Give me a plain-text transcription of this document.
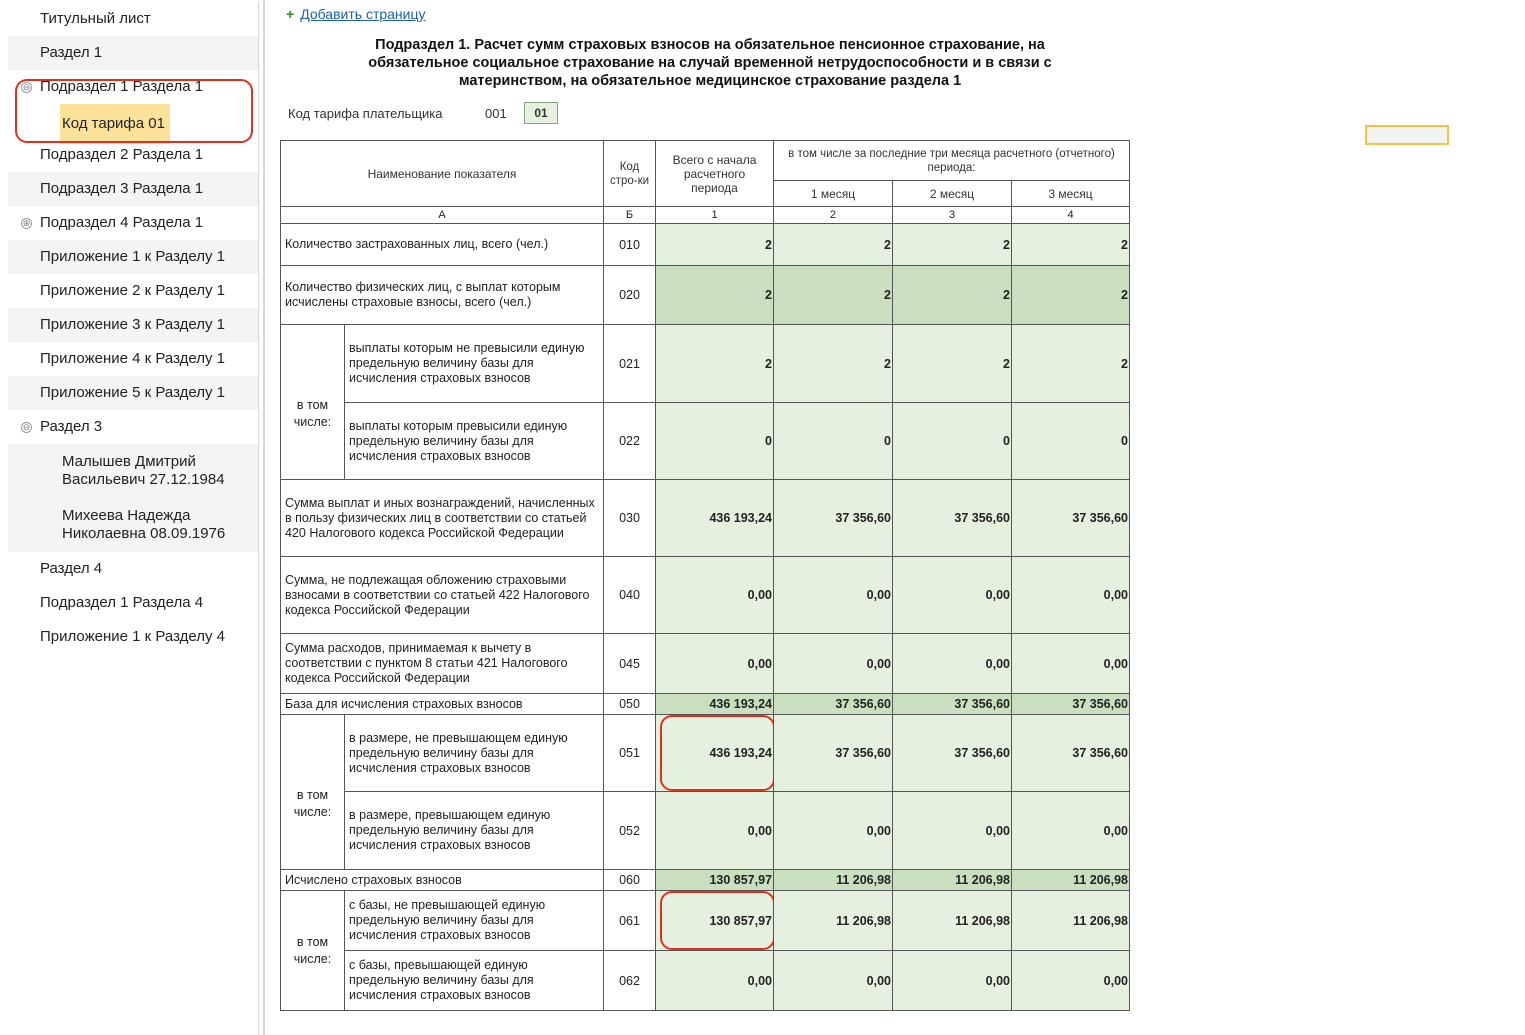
Титульный лист
Раздел 1
⊖ Подраздел 1 Раздела 1
Код тарифа 01
Подраздел 2 Раздела 1
Подраздел 3 Раздела 1
⊕ Подраздел 4 Раздела 1
Приложение 1 к Разделу 1
Приложение 2 к Разделу 1
Приложение 3 к Разделу 1
Приложение 4 к Разделу 1
Приложение 5 к Разделу 1
⊖ Раздел 3
Малышев Дмитрий
Васильевич 27.12.1984
Михеева Надежда
Николаевна 08.09.1976
Раздел 4
Подраздел 1 Раздела 4
Приложение 1 к Разделу 4
+ Добавить страницу
Подраздел 1. Расчет сумм страховых взносов на обязательное пенсионное страхование, на
обязательное социальное страхование на случай временной нетрудоспособности и в связи с
материнством, на обязательное медицинское страхование раздела 1
Код тарифа плательщика	001	01
Наименование показателя		Код стро-ки	Всего с начала расчетного периода	в том числе за последние три месяца расчетного (отчетного) периода:		
				1 месяц	2 месяц	3 месяц
А		Б	1	2	3	4
Количество застрахованных лиц, всего (чел.)		010	2	2	2	2
Количество физических лиц, с выплат которым исчислены страховые взносы, всего (чел.)		020	2	2	2	2
в том числе:	выплаты которым не превысили единую предельную величину базы для исчисления страховых взносов	021	2	2	2	2
	выплаты которым превысили единую предельную величину базы для исчисления страховых взносов	022	0	0	0	0
Сумма выплат и иных вознаграждений, начисленных в пользу физических лиц в соответствии со статьей 420 Налогового кодекса Российской Федерации		030	436 193,24	37 356,60	37 356,60	37 356,60
Сумма, не подлежащая обложению страховыми взносами в соответствии со статьей 422 Налогового кодекса Российской Федерации		040	0,00	0,00	0,00	0,00
Сумма расходов, принимаемая к вычету в соответствии с пунктом 8 статьи 421 Налогового кодекса Российской Федерации		045	0,00	0,00	0,00	0,00
База для исчисления страховых взносов		050	436 193,24	37 356,60	37 356,60	37 356,60
в том числе:	в размере, не превышающем единую предельную величину базы для исчисления страховых взносов	051	436 193,24	37 356,60	37 356,60	37 356,60
	в размере, превышающем единую предельную величину базы для исчисления страховых взносов	052	0,00	0,00	0,00	0,00
Исчислено страховых взносов		060	130 857,97	11 206,98	11 206,98	11 206,98
в том числе:	с базы, не превышающей единую предельную величину базы для исчисления страховых взносов	061	130 857,97	11 206,98	11 206,98	11 206,98
	с базы, превышающей единую предельную величину базы для исчисления страховых взносов	062	0,00	0,00	0,00	0,00
